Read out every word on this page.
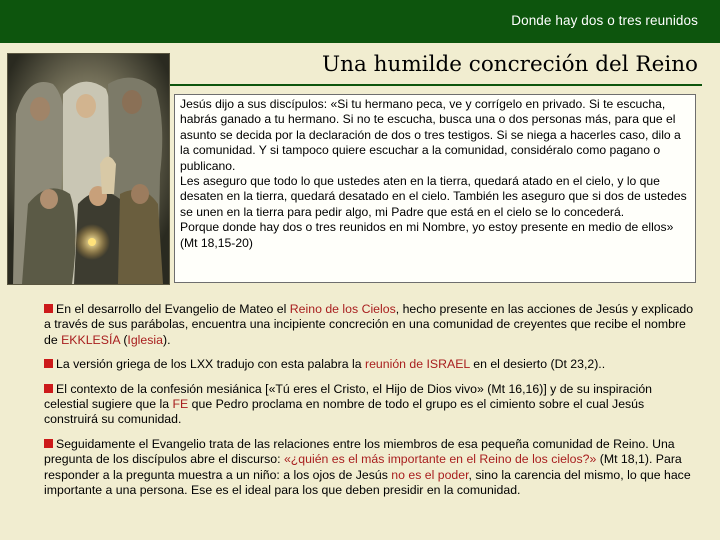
Donde hay dos o tres reunidos
Una humilde concreción del Reino

Jesús dijo a sus discípulos: «Si tu hermano peca, ve y corrígelo en privado. Si te escucha, habrás ganado a tu hermano. Si no te escucha, busca una o dos personas más, para que el asunto se decida por la declaración de dos o tres testigos. Si se niega a hacerles caso, dilo a la comunidad. Y si tampoco quiere escuchar a la comunidad, considéralo como pagano o publicano.

Les aseguro que todo lo que ustedes aten en la tierra, quedará atado en el cielo, y lo que desaten en la tierra, quedará desatado en el cielo. También les aseguro que si dos de ustedes se unen en la tierra para pedir algo, mi Padre que está en el cielo se lo concederá.

Porque donde hay dos o tres reunidos en mi Nombre, yo estoy presente en medio de ellos» (Mt 18,15-20)

En el desarrollo del Evangelio de Mateo el Reino de los Cielos, hecho presente en las acciones de Jesús y explicado a través de sus parábolas, encuentra una incipiente concreción en una comunidad de creyentes que recibe el nombre de EKKLESÍA (Iglesia).

La versión griega de los LXX tradujo con esta palabra la reunión de ISRAEL en el desierto (Dt 23,2)..

El contexto de la confesión mesiánica [«Tú eres el Cristo, el Hijo de Dios vivo» (Mt 16,16)] y de su inspiración celestial sugiere que la FE que Pedro proclama en nombre de todo el grupo es el cimiento sobre el cual Jesús construirá su comunidad.

Seguidamente el Evangelio trata de las relaciones entre los miembros de esa pequeña comunidad de Reino. Una pregunta de los discípulos abre el discurso: «¿quién es el más importante en el Reino de los cielos?» (Mt 18,1). Para responder a la pregunta muestra a un niño: a los ojos de Jesús no es el poder, sino la carencia del mismo, lo que hace importante a una persona. Ese es el ideal para los que deben presidir en la comunidad.
